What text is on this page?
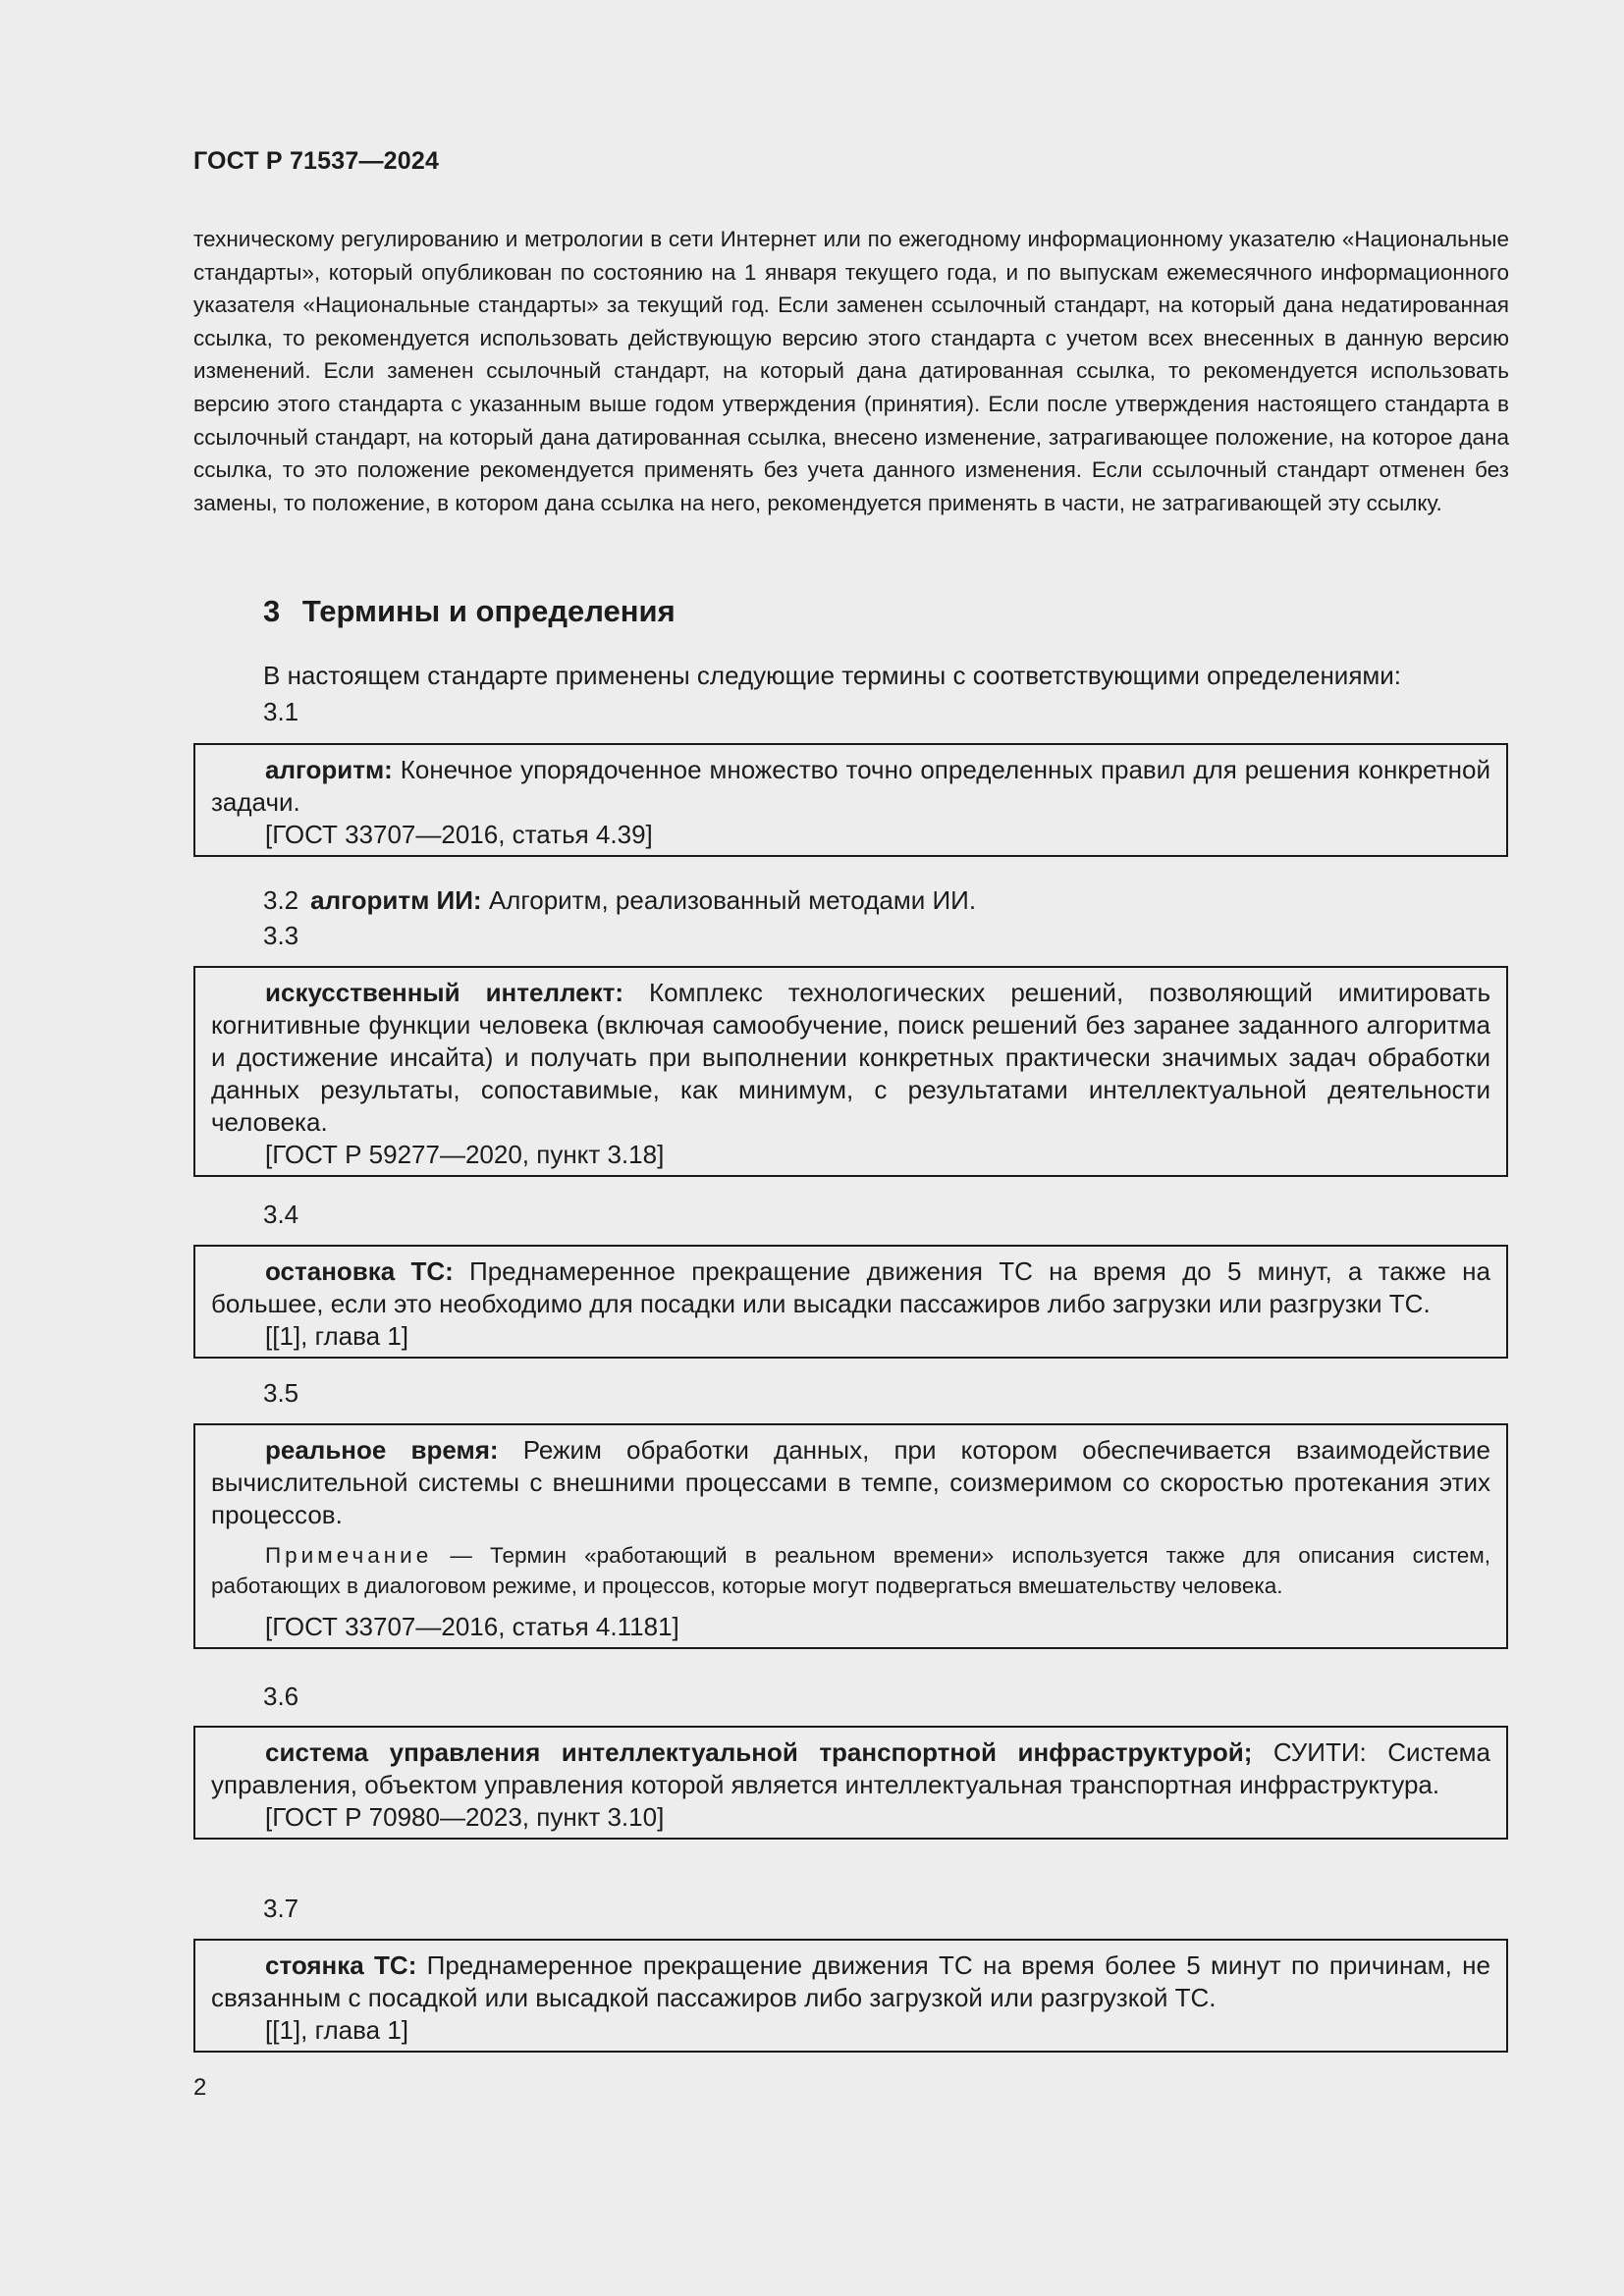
ГОСТ Р 71537—2024

техническому регулированию и метрологии в сети Интернет или по ежегодному информационному указателю «Национальные стандарты», который опубликован по состоянию на 1 января текущего года, и по выпускам ежемесячного информационного указателя «Национальные стандарты» за текущий год. Если заменен ссылочный стандарт, на который дана недатированная ссылка, то рекомендуется использовать действующую версию этого стандарта с учетом всех внесенных в данную версию изменений. Если заменен ссылочный стандарт, на который дана датированная ссылка, то рекомендуется использовать версию этого стандарта с указанным выше годом утверждения (принятия). Если после утверждения настоящего стандарта в ссылочный стандарт, на который дана датированная ссылка, внесено изменение, затрагивающее положение, на которое дана ссылка, то это положение рекомендуется применять без учета данного изменения. Если ссылочный стандарт отменен без замены, то положение, в котором дана ссылка на него, рекомендуется применять в части, не затрагивающей эту ссылку.

3 Термины и определения
В настоящем стандарте применены следующие термины с соответствующими определениями:
3.1

алгоритм: Конечное упорядоченное множество точно определенных правил для решения конкретной задачи.

[ГОСТ 33707—2016, статья 4.39]

3.2 алгоритм ИИ: Алгоритм, реализованный методами ИИ.
3.3

искусственный интеллект: Комплекс технологических решений, позволяющий имитировать когнитивные функции человека (включая самообучение, поиск решений без заранее заданного алгоритма и достижение инсайта) и получать при выполнении конкретных практически значимых задач обработки данных результаты, сопоставимые, как минимум, с результатами интеллектуальной деятельности человека.

[ГОСТ Р 59277—2020, пункт 3.18]

3.4

остановка ТС: Преднамеренное прекращение движения ТС на время до 5 минут, а также на большее, если это необходимо для посадки или высадки пассажиров либо загрузки или разгрузки ТС.

[[1], глава 1]

3.5

реальное время: Режим обработки данных, при котором обеспечивается взаимодействие вычислительной системы с внешними процессами в темпе, соизмеримом со скоростью протекания этих процессов.

Примечание — Термин «работающий в реальном времени» используется также для описания систем, работающих в диалоговом режиме, и процессов, которые могут подвергаться вмешательству человека.

[ГОСТ 33707—2016, статья 4.1181]

3.6

система управления интеллектуальной транспортной инфраструктурой; СУИТИ: Система управления, объектом управления которой является интеллектуальная транспортная инфраструктура.

[ГОСТ Р 70980—2023, пункт 3.10]

3.7

стоянка ТС: Преднамеренное прекращение движения ТС на время более 5 минут по причинам, не связанным с посадкой или высадкой пассажиров либо загрузкой или разгрузкой ТС.

[[1], глава 1]

2
